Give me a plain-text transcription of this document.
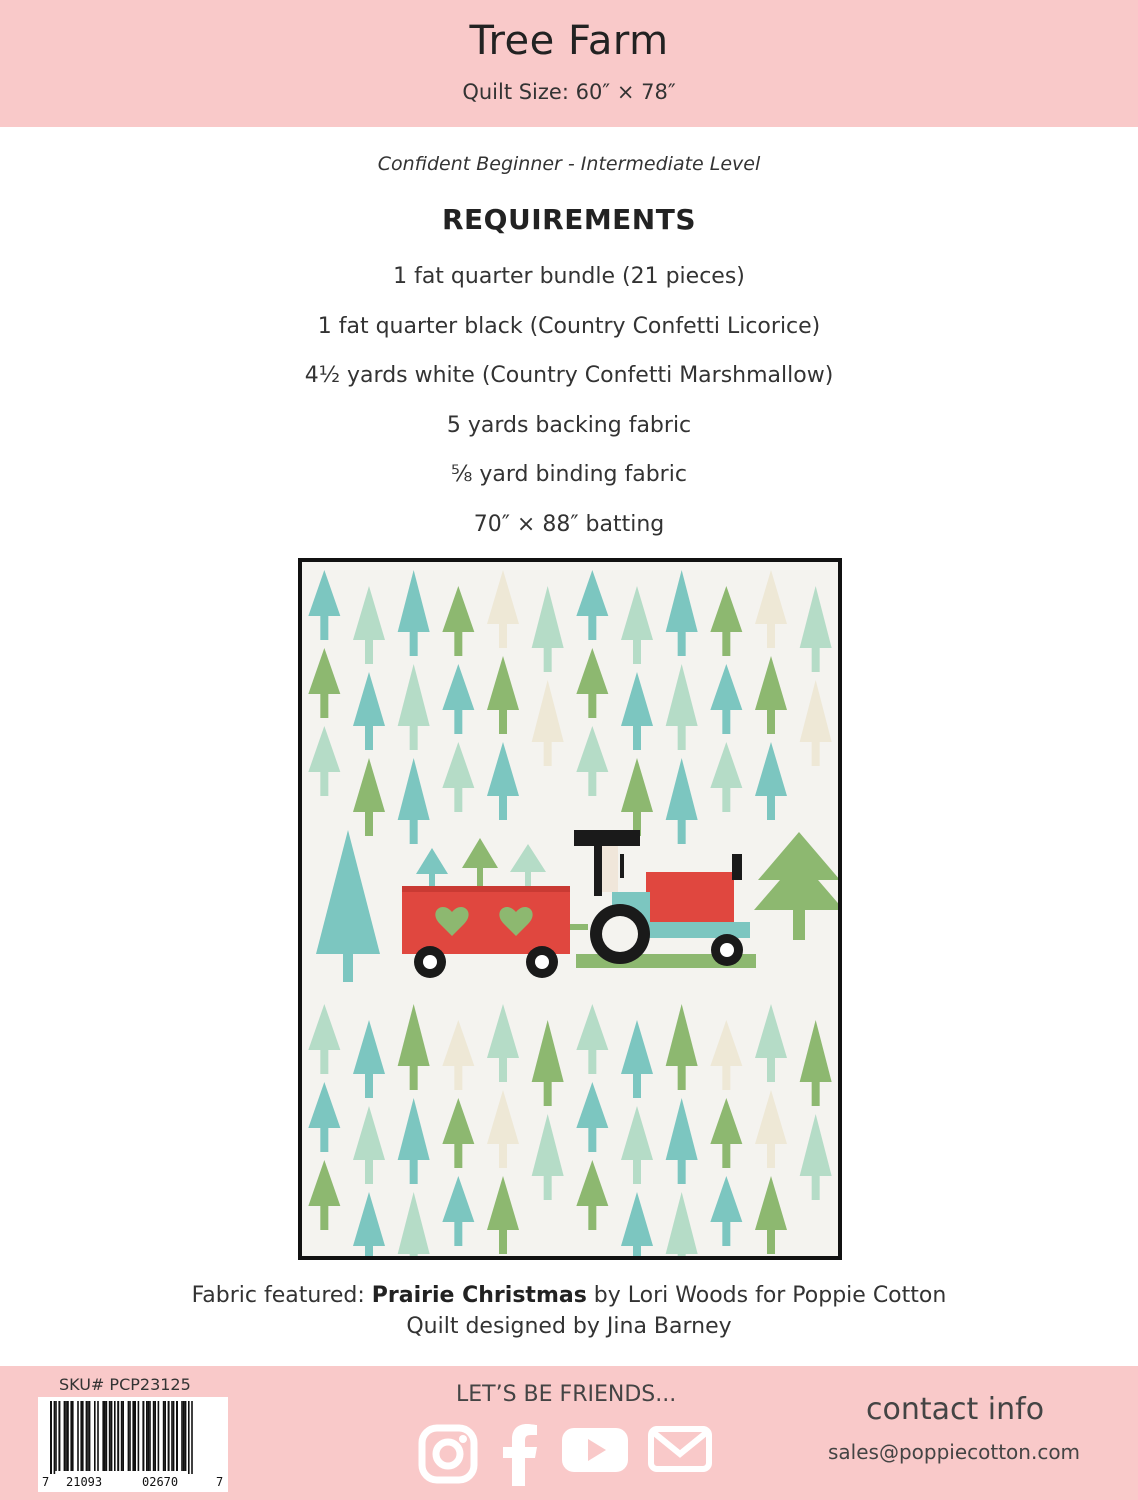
Tree Farm
Quilt Size: 60″ × 78″
Confident Beginner - Intermediate Level
REQUIREMENTS
1 fat quarter bundle (21 pieces)
1 fat quarter black (Country Confetti Licorice)
4½ yards white (Country Confetti Marshmallow)
5 yards backing fabric
⅝ yard binding fabric
70″ × 88″ batting
Fabric featured: Prairie Christmas by Lori Woods for Poppie Cotton
Quilt designed by Jina Barney
SKU# PCP23125
7 21093	02670	7
LET’S BE FRIENDS...	contact info
sales@poppiecotton.com
